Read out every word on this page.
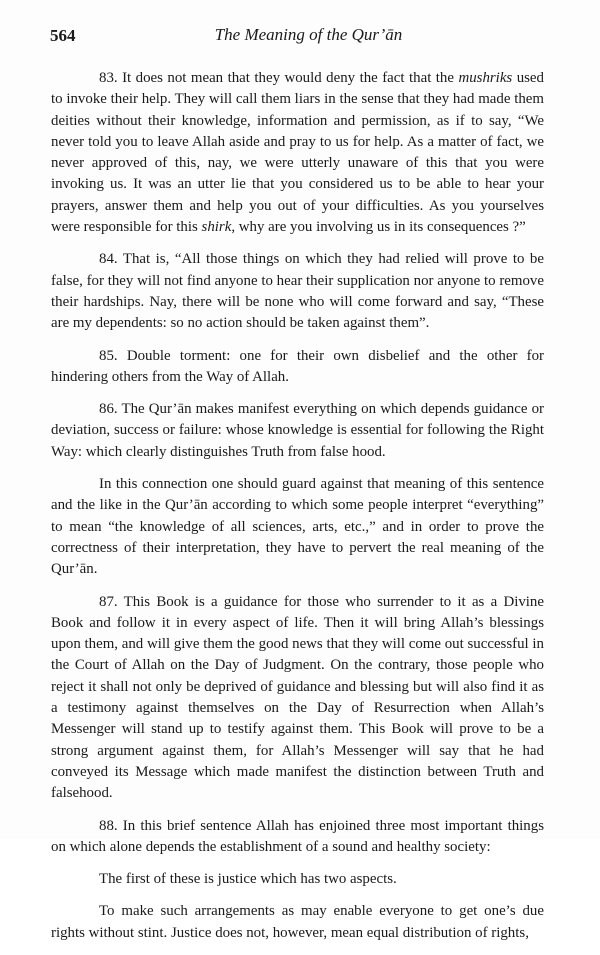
564	The Meaning of the Qur’ān

83. It does not mean that they would deny the fact that the mushriks used to invoke their help. They will call them liars in the sense that they had made them deities without their knowledge, information and permission, as if to say, “We never told you to leave Allah aside and pray to us for help. As a matter of fact, we never approved of this, nay, we were utterly unaware of this that you were invoking us. It was an utter lie that you considered us to be able to hear your prayers, answer them and help you out of your difficulties. As you yourselves were responsible for this shirk, why are you involving us in its consequences ?”

84. That is, “All those things on which they had relied will prove to be false, for they will not find anyone to hear their supplication nor anyone to remove their hardships. Nay, there will be none who will come forward and say, “These are my dependents: so no action should be taken against them”.

85. Double torment: one for their own disbelief and the other for hindering others from the Way of Allah.

86. The Qur’ān makes manifest everything on which depends guidance or deviation, success or failure: whose knowledge is essential for following the Right Way: which clearly distinguishes Truth from false hood.

In this connection one should guard against that meaning of this sentence and the like in the Qur’ān according to which some people interpret “everything” to mean “the knowledge of all sciences, arts, etc.,” and in order to prove the correctness of their interpretation, they have to pervert the real meaning of the Qur’ān.

87. This Book is a guidance for those who surrender to it as a Divine Book and follow it in every aspect of life. Then it will bring Allah’s blessings upon them, and will give them the good news that they will come out successful in the Court of Allah on the Day of Judgment. On the contrary, those people who reject it shall not only be deprived of guidance and blessing but will also find it as a testimony against themselves on the Day of Resurrection when Allah’s Messenger will stand up to testify against them. This Book will prove to be a strong argument against them, for Allah’s Messenger will say that he had conveyed its Message which made manifest the distinction between Truth and falsehood.

88. In this brief sentence Allah has enjoined three most important things on which alone depends the establishment of a sound and healthy society:

The first of these is justice which has two aspects.

To make such arrangements as may enable everyone to get one’s due rights without stint. Justice does not, however, mean equal distribution of rights,
